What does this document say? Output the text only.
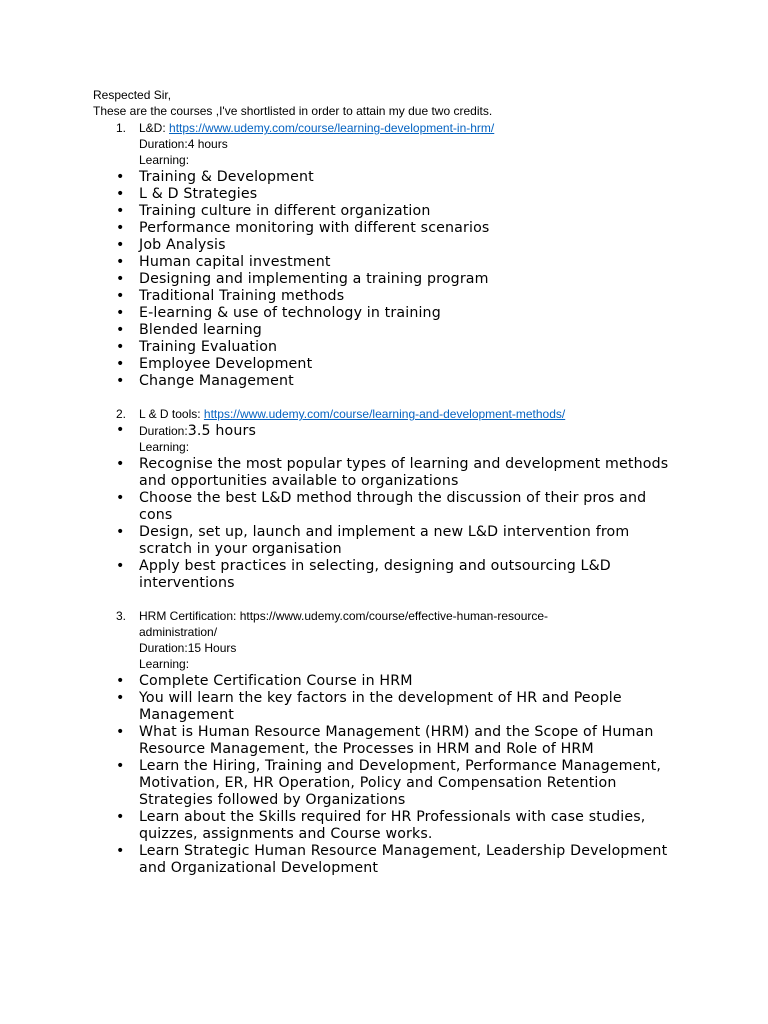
Respected Sir,
These are the courses ,I've shortlisted in order to attain my due two credits.
1. L&D: https://www.udemy.com/course/learning-development-in-hrm/
Duration:4 hours
Learning:
• Training & Development
• L & D Strategies
• Training culture in different organization
• Performance monitoring with different scenarios
• Job Analysis
• Human capital investment
• Designing and implementing a training program
• Traditional Training methods
• E-learning & use of technology in training
• Blended learning
• Training Evaluation
• Employee Development
• Change Management
2. L & D tools: https://www.udemy.com/course/learning-and-development-methods/
• Duration:3.5 hours
Learning:
• Recognise the most popular types of learning and development methods and opportunities available to organizations
• Choose the best L&D method through the discussion of their pros and cons
• Design, set up, launch and implement a new L&D intervention from scratch in your organisation
• Apply best practices in selecting, designing and outsourcing L&D interventions
3. HRM Certification: https://www.udemy.com/course/effective-human-resource-
administration/
Duration:15 Hours
Learning:
• Complete Certification Course in HRM
• You will learn the key factors in the development of HR and People Management
• What is Human Resource Management (HRM) and the Scope of Human Resource Management, the Processes in HRM and Role of HRM
• Learn the Hiring, Training and Development, Performance Management, Motivation, ER, HR Operation, Policy and Compensation Retention Strategies followed by Organizations
• Learn about the Skills required for HR Professionals with case studies, quizzes, assignments and Course works.
• Learn Strategic Human Resource Management, Leadership Development and Organizational Development
